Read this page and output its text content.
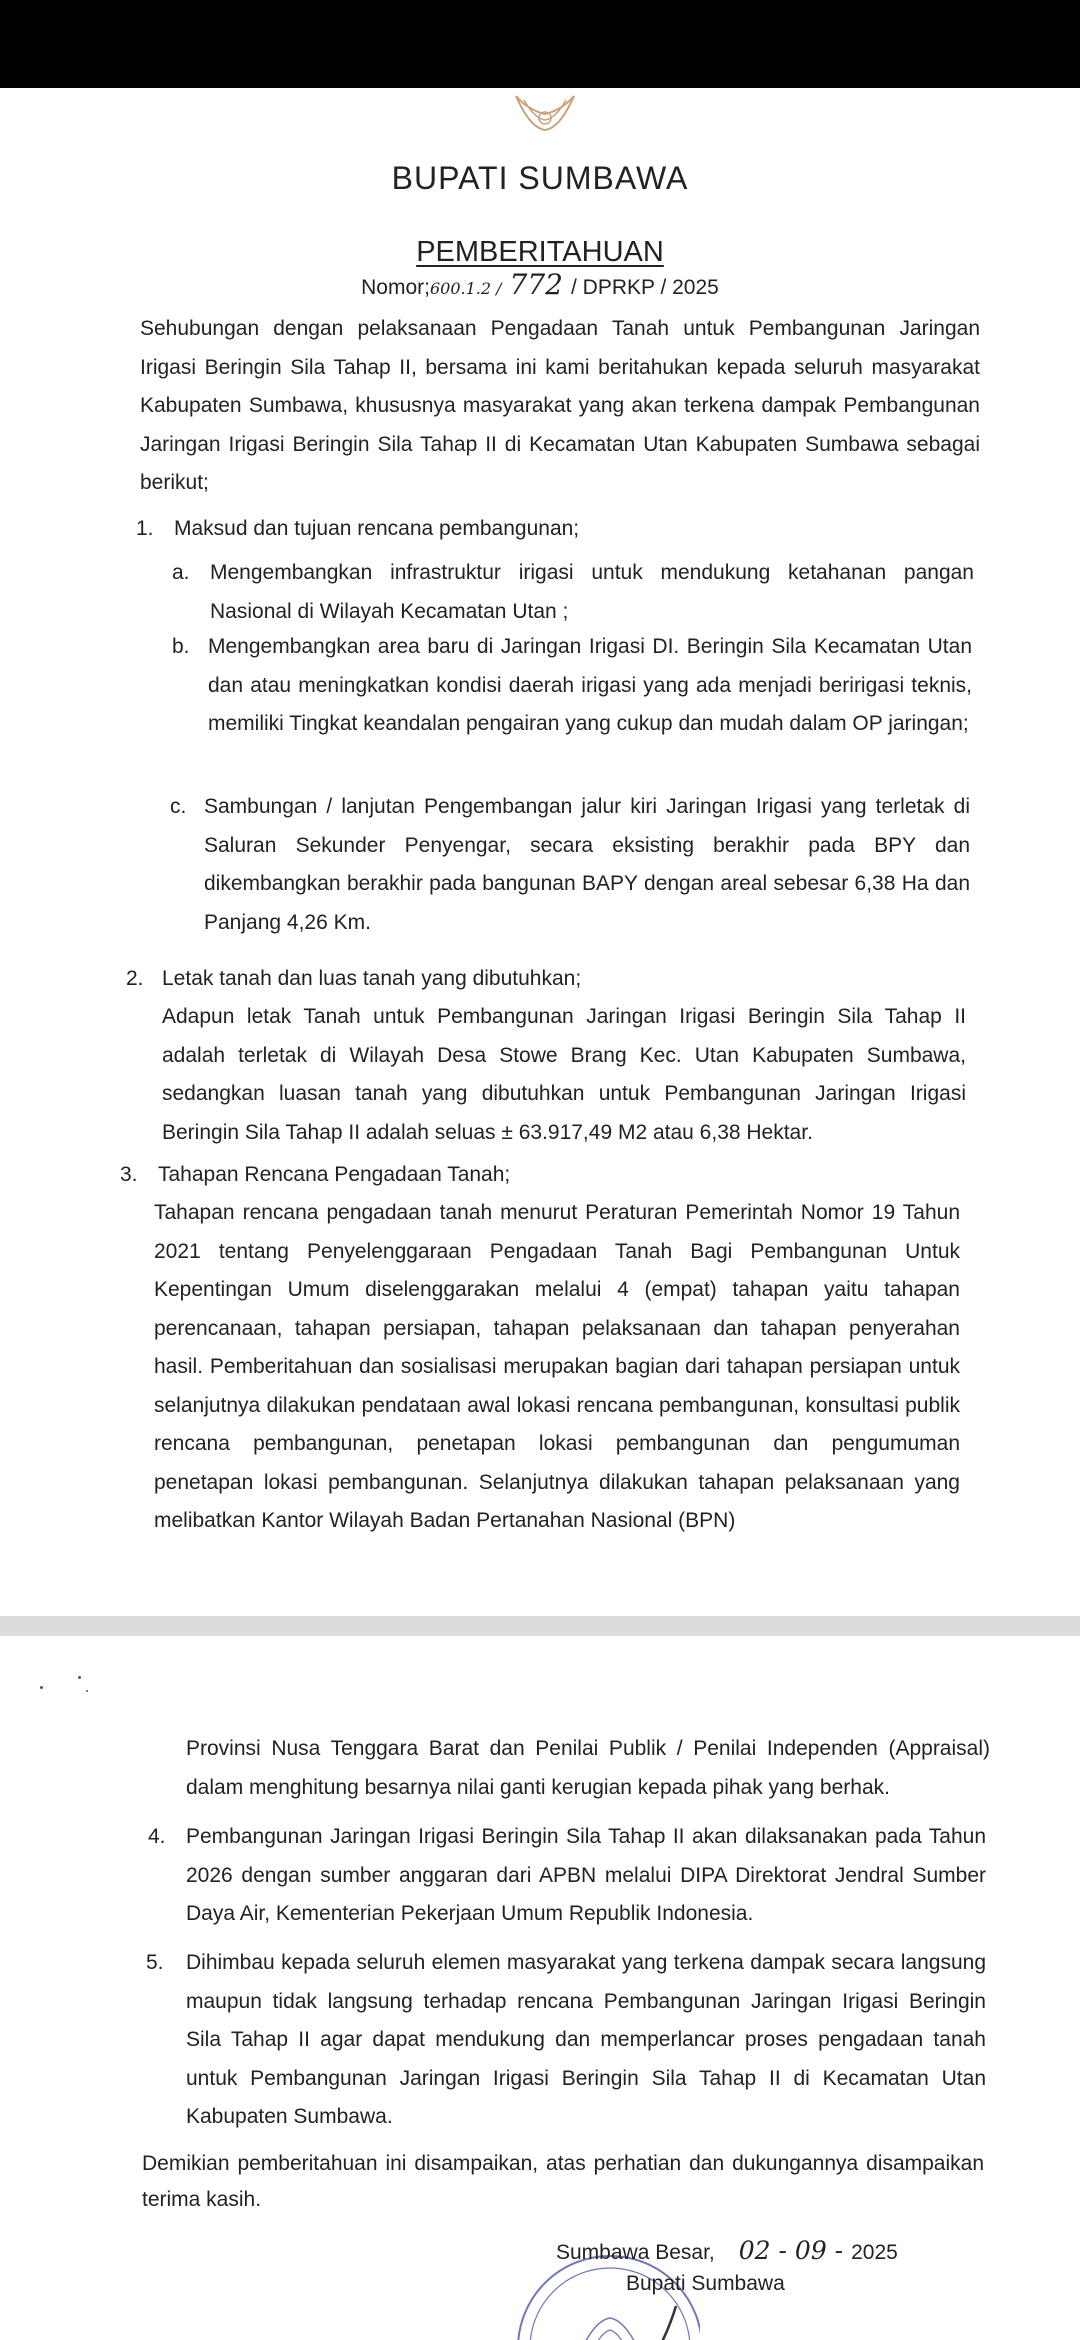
BUPATI SUMBAWA
PEMBERITAHUAN
Nomor;600.1.2 / 772 / DPRKP / 2025

Sehubungan dengan pelaksanaan Pengadaan Tanah untuk Pembangunan Jaringan Irigasi Beringin Sila Tahap II, bersama ini kami beritahukan kepada seluruh masyarakat Kabupaten Sumbawa, khususnya masyarakat yang akan terkena dampak Pembangunan Jaringan Irigasi Beringin Sila Tahap II di Kecamatan Utan Kabupaten Sumbawa sebagai berikut;

1. Maksud dan tujuan rencana pembangunan;
a. Mengembangkan infrastruktur irigasi untuk mendukung ketahanan pangan Nasional di Wilayah Kecamatan Utan ;

b. Mengembangkan area baru di Jaringan Irigasi DI. Beringin Sila Kecamatan Utan dan atau meningkatkan kondisi daerah irigasi yang ada menjadi beririgasi teknis, memiliki Tingkat keandalan pengairan yang cukup dan mudah dalam OP jaringan;

c. Sambungan / lanjutan Pengembangan jalur kiri Jaringan Irigasi yang terletak di Saluran Sekunder Penyengar, secara eksisting berakhir pada BPY dan dikembangkan berakhir pada bangunan BAPY dengan areal sebesar 6,38 Ha dan Panjang 4,26 Km.

2. Letak tanah dan luas tanah yang dibutuhkan;

Adapun letak Tanah untuk Pembangunan Jaringan Irigasi Beringin Sila Tahap II adalah terletak di Wilayah Desa Stowe Brang Kec. Utan Kabupaten Sumbawa, sedangkan luasan tanah yang dibutuhkan untuk Pembangunan Jaringan Irigasi Beringin Sila Tahap II adalah seluas ± 63.917,49 M2 atau 6,38 Hektar.

3. Tahapan Rencana Pengadaan Tanah;

Tahapan rencana pengadaan tanah menurut Peraturan Pemerintah Nomor 19 Tahun 2021 tentang Penyelenggaraan Pengadaan Tanah Bagi Pembangunan Untuk Kepentingan Umum diselenggarakan melalui 4 (empat) tahapan yaitu tahapan perencanaan, tahapan persiapan, tahapan pelaksanaan dan tahapan penyerahan hasil. Pemberitahuan dan sosialisasi merupakan bagian dari tahapan persiapan untuk selanjutnya dilakukan pendataan awal lokasi rencana pembangunan, konsultasi publik rencana pembangunan, penetapan lokasi pembangunan dan pengumuman penetapan lokasi pembangunan. Selanjutnya dilakukan tahapan pelaksanaan yang melibatkan Kantor Wilayah Badan Pertanahan Nasional (BPN)

Provinsi Nusa Tenggara Barat dan Penilai Publik / Penilai Independen (Appraisal) dalam menghitung besarnya nilai ganti kerugian kepada pihak yang berhak.

4. Pembangunan Jaringan Irigasi Beringin Sila Tahap II akan dilaksanakan pada Tahun 2026 dengan sumber anggaran dari APBN melalui DIPA Direktorat Jendral Sumber Daya Air, Kementerian Pekerjaan Umum Republik Indonesia.

5. Dihimbau kepada seluruh elemen masyarakat yang terkena dampak secara langsung maupun tidak langsung terhadap rencana Pembangunan Jaringan Irigasi Beringin Sila Tahap II agar dapat mendukung dan memperlancar proses pengadaan tanah untuk Pembangunan Jaringan Irigasi Beringin Sila Tahap II di Kecamatan Utan Kabupaten Sumbawa.

Demikian pemberitahuan ini disampaikan, atas perhatian dan dukungannya disampaikan terima kasih.

Sumbawa Besar, 02 - 09 - 2025
Bupati Sumbawa
